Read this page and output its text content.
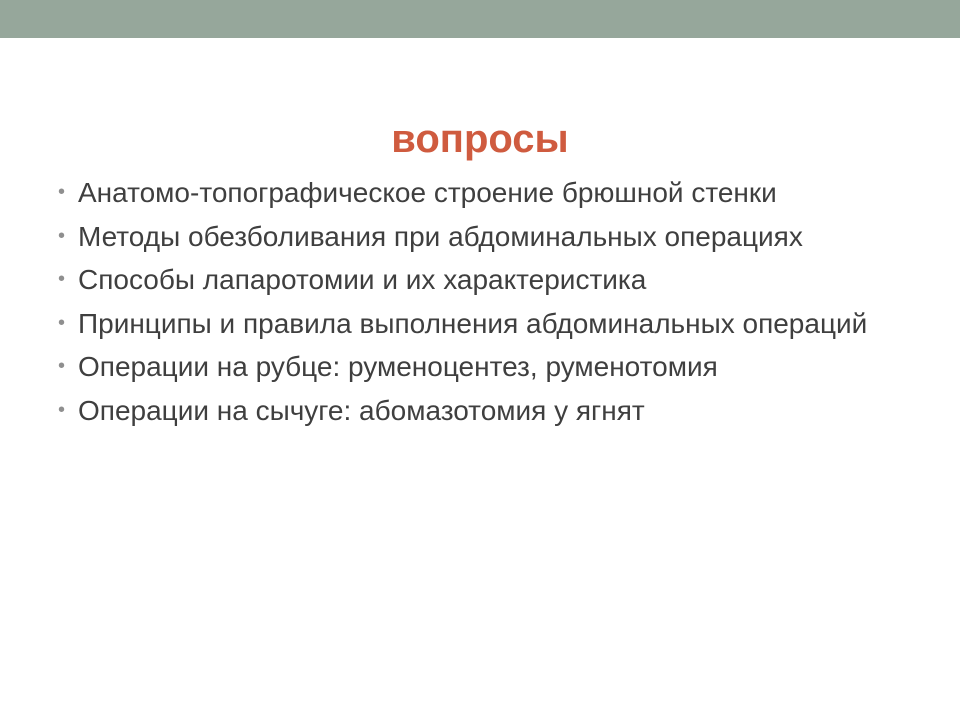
вопросы
• Анатомо-топографическое строение брюшной стенки
• Методы обезболивания при абдоминальных операциях
• Способы лапаротомии и их характеристика
• Принципы и правила выполнения абдоминальных операций
• Операции на рубце: руменоцентез, руменотомия
• Операции на сычуге: абомазотомия у ягнят
